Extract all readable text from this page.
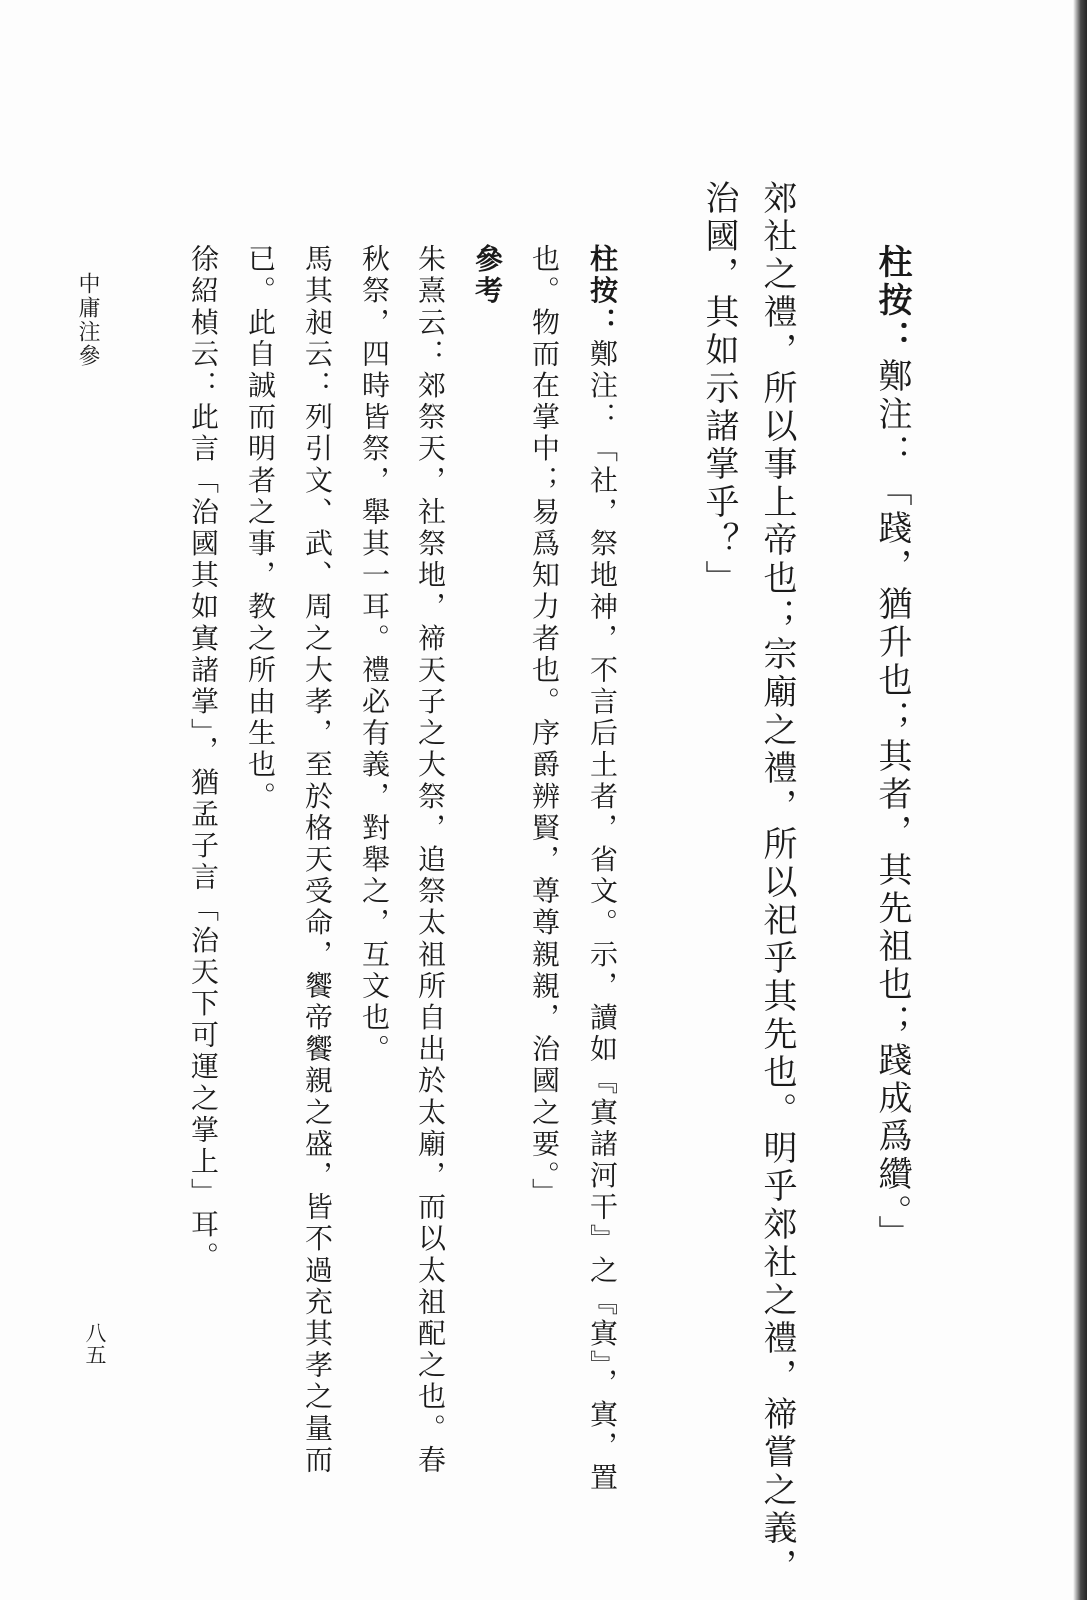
柱按：鄭注：「踐，猶升也；其者，其先祖也；踐成爲纘。」
郊社之禮，所以事上帝也；宗廟之禮，所以祀乎其先也。明乎郊社之禮，禘嘗之義，
治國，其如示諸掌乎？」
柱按：鄭注：「社，祭地神，不言后土者，省文。示，讀如『寘諸河干』之『寘』，寘，置
也。物而在掌中；易爲知力者也。序爵辨賢，尊尊親親，治國之要。」
參考
朱熹云：郊祭天，社祭地，禘天子之大祭，追祭太祖所自出於太廟，而以太祖配之也。春
秋祭，四時皆祭，舉其一耳。禮必有義，對舉之，互文也。
馬其昶云：列引文、武、周之大孝，至於格天受命，饗帝饗親之盛，皆不過充其孝之量而
已。此自誠而明者之事，教之所由生也。
徐紹楨云：此言「治國其如寘諸掌」，猶孟子言「治天下可運之掌上」耳。
中庸注參
八五
